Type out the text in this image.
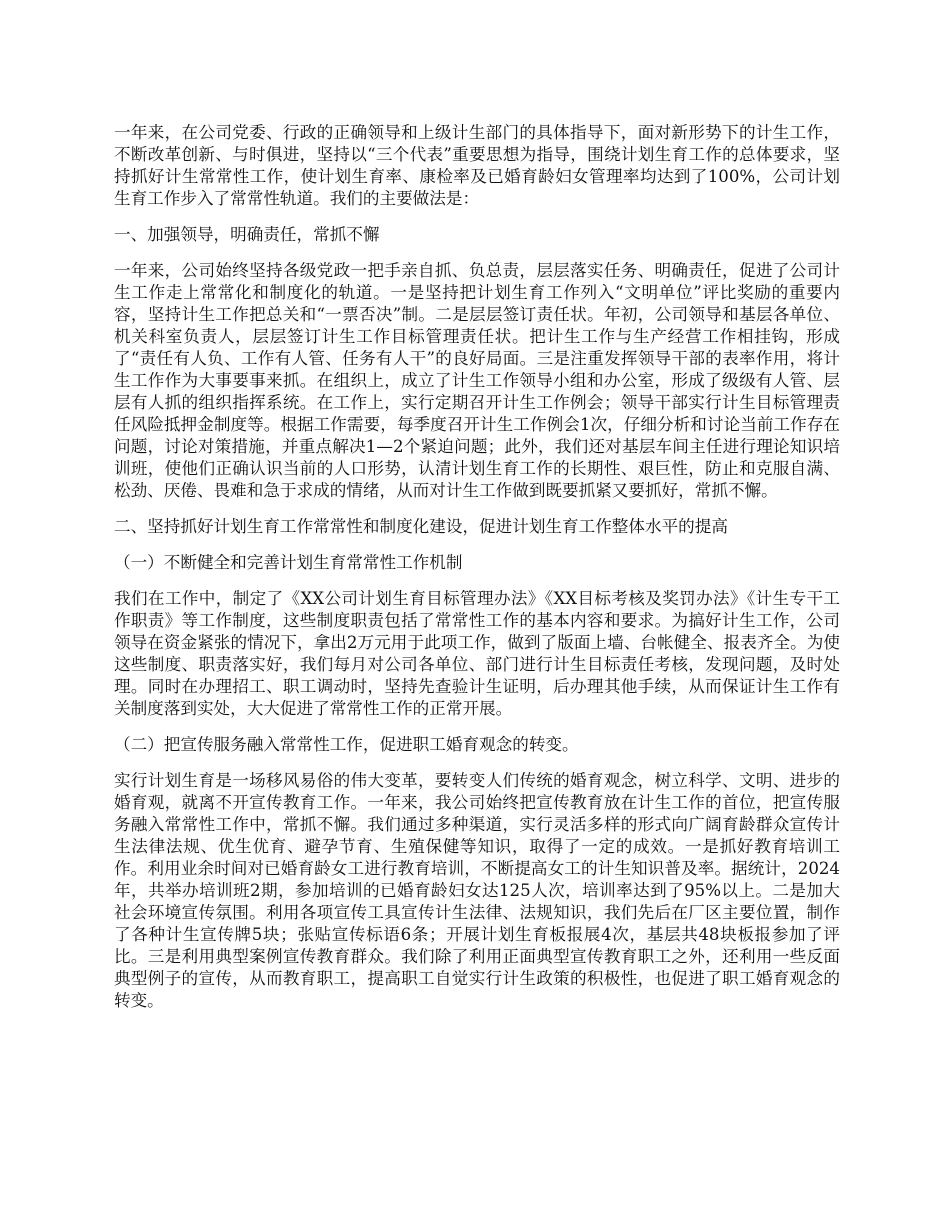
一年来，在公司党委、行政的正确领导和上级计生部门的具体指导下，面对新形势下的计生工作，不断改革创新、与时俱进，坚持以“三个代表”重要思想为指导，围绕计划生育工作的总体要求，坚持抓好计生常常性工作，使计划生育率、康检率及已婚育龄妇女管理率均达到了100%，公司计划生育工作步入了常常性轨道。我们的主要做法是：

一、加强领导，明确责任，常抓不懈

一年来，公司始终坚持各级党政一把手亲自抓、负总责，层层落实任务、明确责任，促进了公司计生工作走上常常化和制度化的轨道。一是坚持把计划生育工作列入“文明单位”评比奖励的重要内容，坚持计生工作把总关和“一票否决”制。二是层层签订责任状。年初，公司领导和基层各单位、机关科室负责人，层层签订计生工作目标管理责任状。把计生工作与生产经营工作相挂钩，形成了“责任有人负、工作有人管、任务有人干”的良好局面。三是注重发挥领导干部的表率作用，将计生工作作为大事要事来抓。在组织上，成立了计生工作领导小组和办公室，形成了级级有人管、层层有人抓的组织指挥系统。在工作上，实行定期召开计生工作例会；领导干部实行计生目标管理责任风险抵押金制度等。根据工作需要，每季度召开计生工作例会1次，仔细分析和讨论当前工作存在问题，讨论对策措施，并重点解决1—2个紧迫问题；此外，我们还对基层车间主任进行理论知识培训班，使他们正确认识当前的人口形势，认清计划生育工作的长期性、艰巨性，防止和克服自满、松劲、厌倦、畏难和急于求成的情绪，从而对计生工作做到既要抓紧又要抓好，常抓不懈。

二、坚持抓好计划生育工作常常性和制度化建设，促进计划生育工作整体水平的提高

（一）不断健全和完善计划生育常常性工作机制

我们在工作中，制定了《XX公司计划生育目标管理办法》《XX目标考核及奖罚办法》《计生专干工作职责》等工作制度，这些制度职责包括了常常性工作的基本内容和要求。为搞好计生工作，公司领导在资金紧张的情况下，拿出2万元用于此项工作，做到了版面上墙、台帐健全、报表齐全。为使这些制度、职责落实好，我们每月对公司各单位、部门进行计生目标责任考核，发现问题，及时处理。同时在办理招工、职工调动时，坚持先查验计生证明，后办理其他手续，从而保证计生工作有关制度落到实处，大大促进了常常性工作的正常开展。

（二）把宣传服务融入常常性工作，促进职工婚育观念的转变。

实行计划生育是一场移风易俗的伟大变革，要转变人们传统的婚育观念，树立科学、文明、进步的婚育观，就离不开宣传教育工作。一年来，我公司始终把宣传教育放在计生工作的首位，把宣传服务融入常常性工作中，常抓不懈。我们通过多种渠道，实行灵活多样的形式向广阔育龄群众宣传计生法律法规、优生优育、避孕节育、生殖保健等知识，取得了一定的成效。一是抓好教育培训工作。利用业余时间对已婚育龄女工进行教育培训，不断提高女工的计生知识普及率。据统计，2024年，共举办培训班2期，参加培训的已婚育龄妇女达125人次，培训率达到了95%以上。二是加大社会环境宣传氛围。利用各项宣传工具宣传计生法律、法规知识，我们先后在厂区主要位置，制作了各种计生宣传牌5块；张贴宣传标语6条；开展计划生育板报展4次，基层共48块板报参加了评比。三是利用典型案例宣传教育群众。我们除了利用正面典型宣传教育职工之外，还利用一些反面典型例子的宣传，从而教育职工，提高职工自觉实行计生政策的积极性，也促进了职工婚育观念的转变。
